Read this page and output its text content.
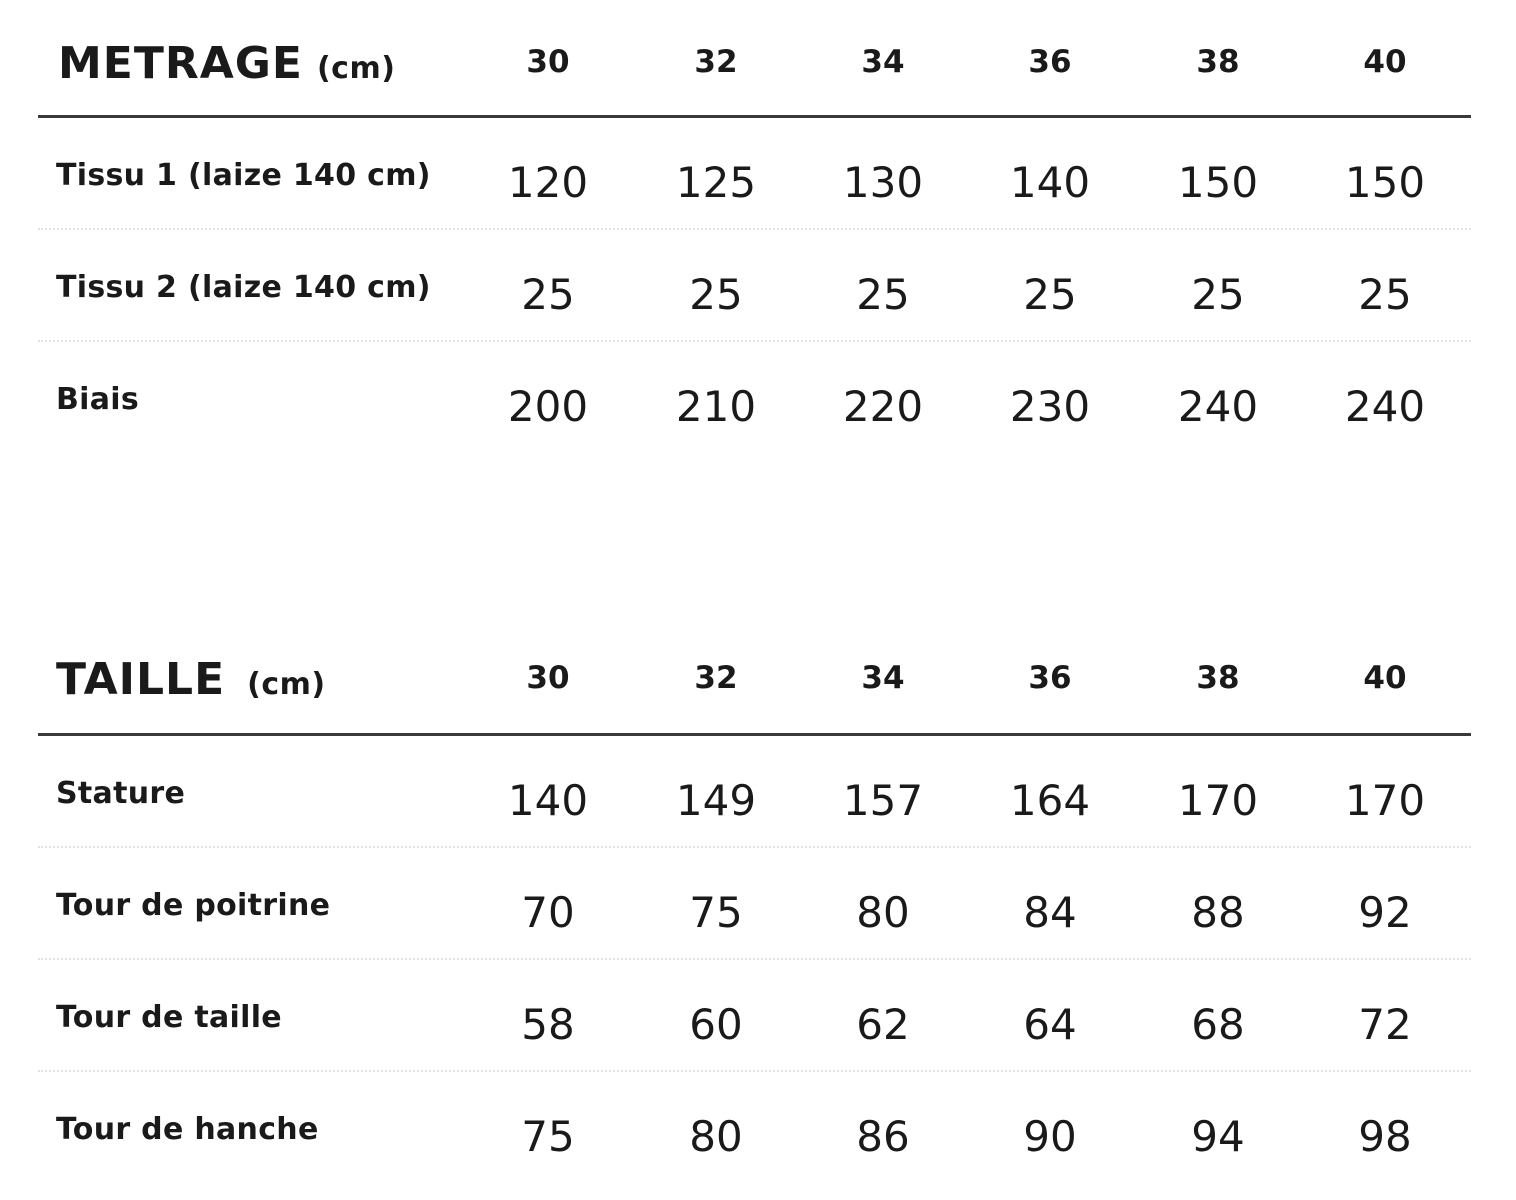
METRAGE (cm)	30	32	34	36	38	40
Tissu 1 (laize 140 cm)	120	125	130	140	150	150
Tissu 2 (laize 140 cm)	25	25	25	25	25	25
Biais	200	210	220	230	240	240
TAILLE (cm)	30	32	34	36	38	40
Stature	140	149	157	164	170	170
Tour de poitrine	70	75	80	84	88	92
Tour de taille	58	60	62	64	68	72
Tour de hanche	75	80	86	90	94	98
